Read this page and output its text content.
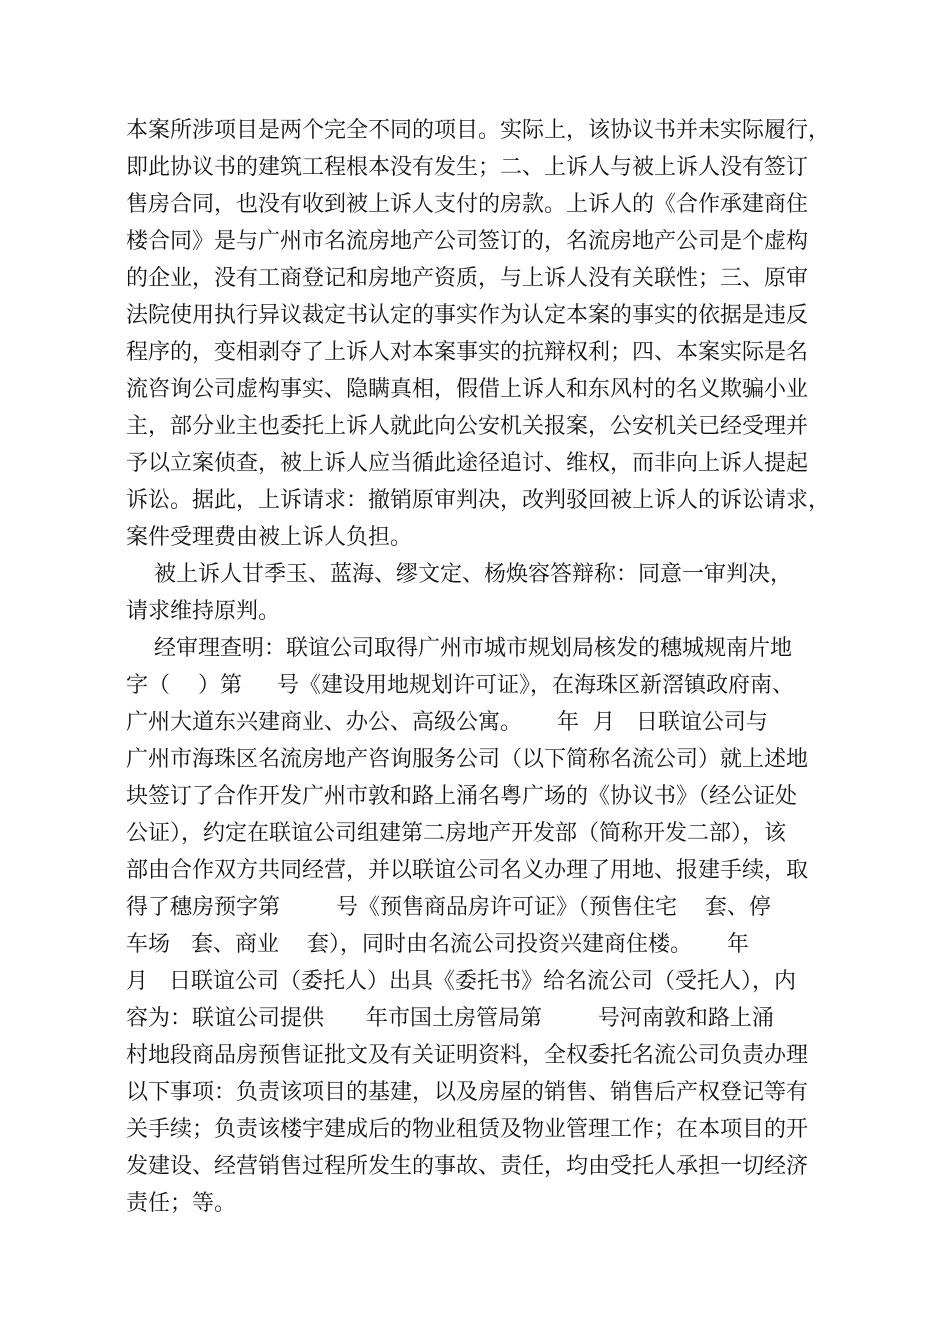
本案所涉项目是两个完全不同的项目。实际上，该协议书并未实际履行，
即此协议书的建筑工程根本没有发生；二、上诉人与被上诉人没有签订
售房合同，也没有收到被上诉人支付的房款。上诉人的《合作承建商住
楼合同》是与广州市名流房地产公司签订的，名流房地产公司是个虚构
的企业，没有工商登记和房地产资质，与上诉人没有关联性；三、原审
法院使用执行异议裁定书认定的事实作为认定本案的事实的依据是违反
程序的，变相剥夺了上诉人对本案事实的抗辩权利；四、本案实际是名
流咨询公司虚构事实、隐瞒真相，假借上诉人和东风村的名义欺骗小业
主，部分业主也委托上诉人就此向公安机关报案，公安机关已经受理并
予以立案侦查，被上诉人应当循此途径追讨、维权，而非向上诉人提起
诉讼。据此，上诉请求：撤销原审判决，改判驳回被上诉人的诉讼请求，
案件受理费由被上诉人负担。
被上诉人甘季玉、蓝海、缪文定、杨焕容答辩称：同意一审判决，
请求维持原判。
经审理查明：联谊公司取得广州市城市规划局核发的穗城规南片地
字（    ）第     号《建设用地规划许可证》，在海珠区新滘镇政府南、
广州大道东兴建商业、办公、高级公寓。     年  月   日联谊公司与
广州市海珠区名流房地产咨询服务公司（以下简称名流公司）就上述地
块签订了合作开发广州市敦和路上涌名粤广场的《协议书》（经公证处
公证），约定在联谊公司组建第二房地产开发部（简称开发二部），该
部由合作双方共同经营，并以联谊公司名义办理了用地、报建手续，取
得了穗房预字第        号《预售商品房许可证》（预售住宅    套、停
车场   套、商业    套），同时由名流公司投资兴建商住楼。     年
月   日联谊公司（委托人）出具《委托书》给名流公司（受托人），内
容为：联谊公司提供      年市国土房管局第        号河南敦和路上涌
村地段商品房预售证批文及有关证明资料，全权委托名流公司负责办理
以下事项：负责该项目的基建，以及房屋的销售、销售后产权登记等有
关手续；负责该楼宇建成后的物业租赁及物业管理工作；在本项目的开
发建设、经营销售过程所发生的事故、责任，均由受托人承担一切经济
责任；等。
